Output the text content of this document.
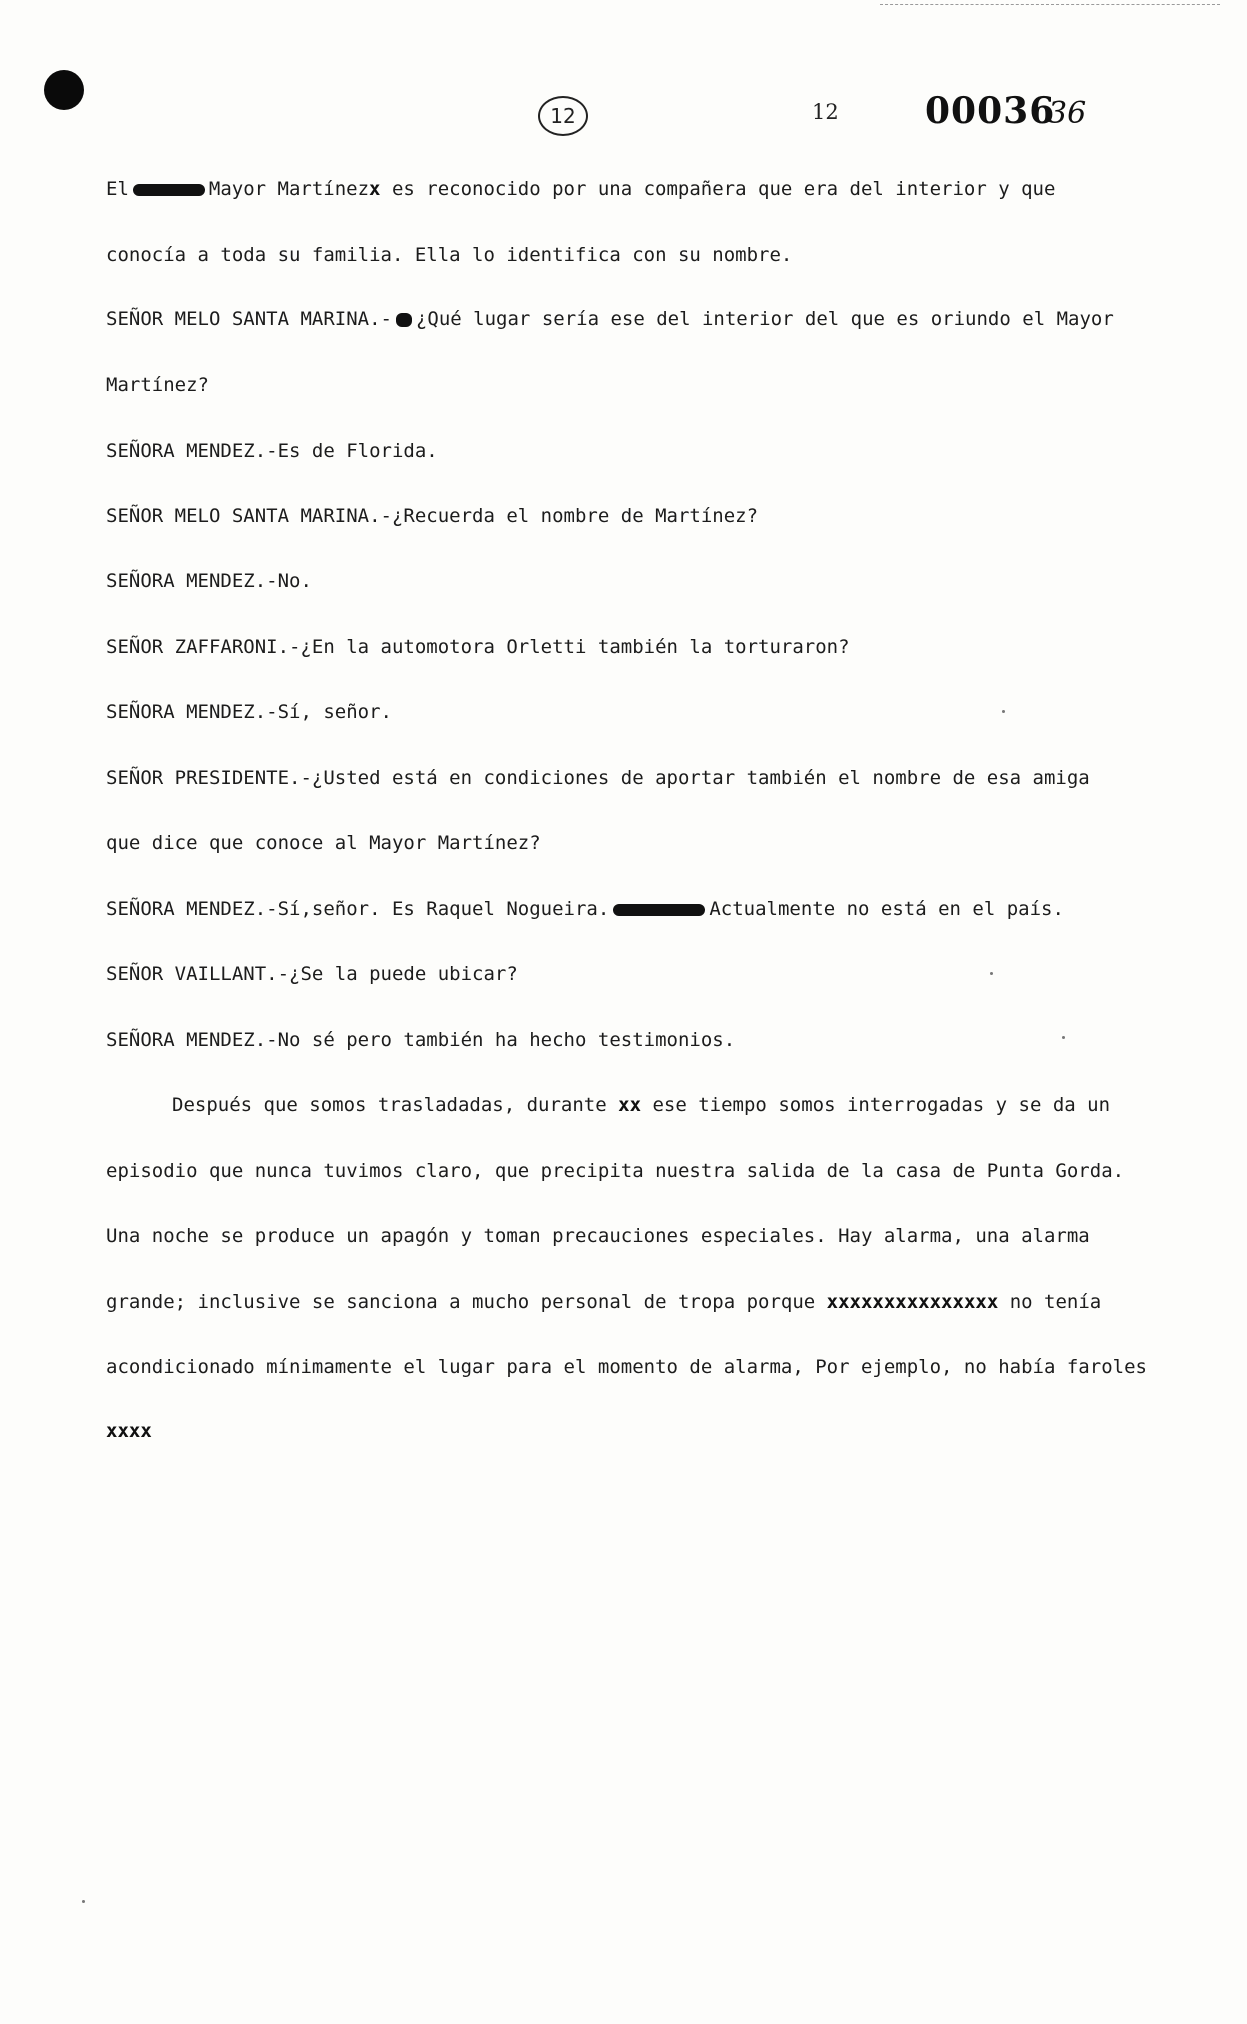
12	12 00036
36
El	Mayor Martínezx es reconocido por una compañera que era del interior y que
conocía a toda su familia. Ella lo identifica con su nombre.
SEÑOR MELO SANTA MARINA.- ¿Qué lugar sería ese del interior del que es oriundo el Mayor
Martínez?
SEÑORA MENDEZ.-Es de Florida.
SEÑOR MELO SANTA MARINA.-¿Recuerda el nombre de Martínez?
SEÑORA MENDEZ.-No.
SEÑOR ZAFFARONI.-¿En la automotora Orletti también la torturaron?
SEÑORA MENDEZ.-Sí, señor.
SEÑOR PRESIDENTE.-¿Usted está en condiciones de aportar también el nombre de esa amiga
que dice que conoce al Mayor Martínez?
SEÑORA MENDEZ.-Sí,señor. Es Raquel Nogueira.	Actualmente no está en el país.
SEÑOR VAILLANT.-¿Se la puede ubicar?
SEÑORA MENDEZ.-No sé pero también ha hecho testimonios.
Después que somos trasladadas, durante xx ese tiempo somos interrogadas y se da un
episodio que nunca tuvimos claro, que precipita nuestra salida de la casa de Punta Gorda.
Una noche se produce un apagón y toman precauciones especiales. Hay alarma, una alarma
grande; inclusive se sanciona a mucho personal de tropa porque xxxxxxxxxxxxxxx no tenía
acondicionado mínimamente el lugar para el momento de alarma, Por ejemplo, no había faroles
xxxx
